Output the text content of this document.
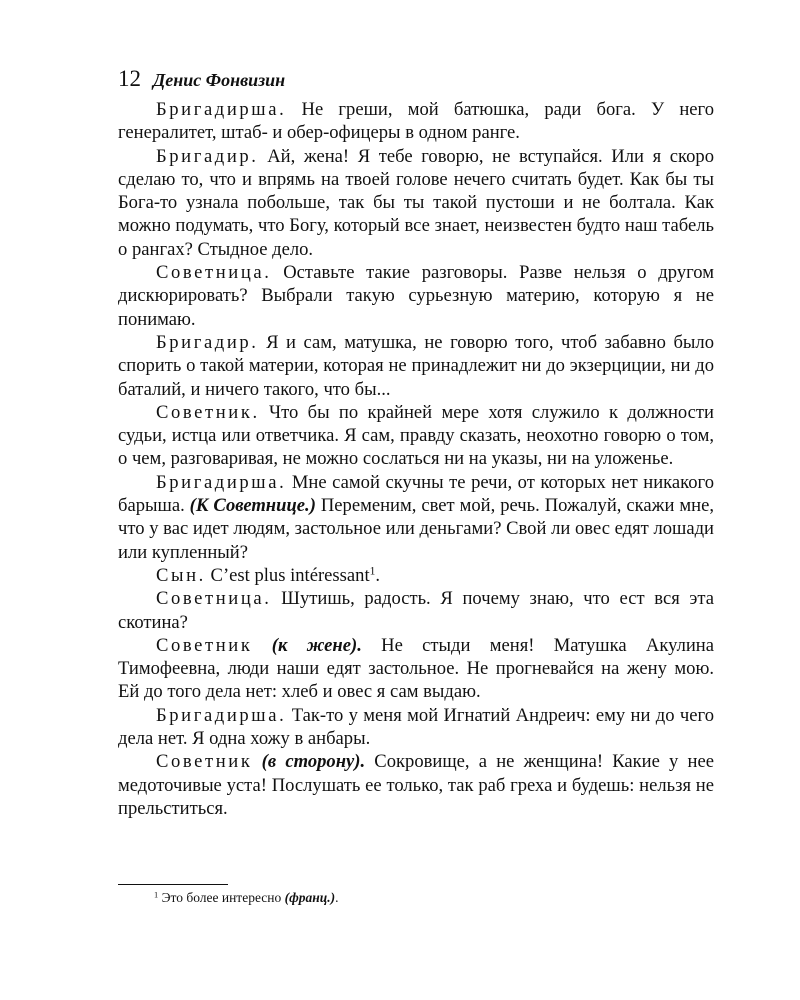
12 Денис Фонвизин

Бригадирша. Не греши, мой батюшка, ради бога. У него генералитет, штаб- и обер-офицеры в одном ранге.

Бригадир. Ай, жена! Я тебе говорю, не вступайся. Или я скоро сделаю то, что и впрямь на твоей голове нечего считать будет. Как бы ты Бога-то узнала побольше, так бы ты такой пустоши и не болтала. Как можно подумать, что Богу, который все знает, неизвестен будто наш табель о рангах? Стыдное дело.

Советница. Оставьте такие разговоры. Разве нельзя о другом дискюрировать? Выбрали такую сурьезную материю, которую я не понимаю.

Бригадир. Я и сам, матушка, не говорю того, чтоб забавно было спорить о такой материи, которая не принадлежит ни до экзерциции, ни до баталий, и ничего такого, что бы...

Советник. Что бы по крайней мере хотя служило к должности судьи, истца или ответчика. Я сам, правду сказать, неохотно говорю о том, о чем, разговаривая, не можно сослаться ни на указы, ни на уложенье.

Бригадирша. Мне самой скучны те речи, от которых нет никакого барыша. (К Советнице.) Переменим, свет мой, речь. Пожалуй, скажи мне, что у вас идет людям, застольное или деньгами? Свой ли овес едят лошади или купленный?

Сын. C’est plus intéressant$^1$.

Советница. Шутишь, радость. Я почему знаю, что ест вся эта скотина?

Советник (к жене). Не стыди меня! Матушка Акулина Тимофеевна, люди наши едят застольное. Не прогневайся на жену мою. Ей до того дела нет: хлеб и овес я сам выдаю.

Бригадирша. Так-то у меня мой Игнатий Андреич: ему ни до чего дела нет. Я одна хожу в анбары.

Советник (в сторону). Сокровище, а не женщина! Какие у нее медоточивые уста! Послушать ее только, так раб греха и будешь: нельзя не прельститься.

$^1$ Это более интересно (франц.).
